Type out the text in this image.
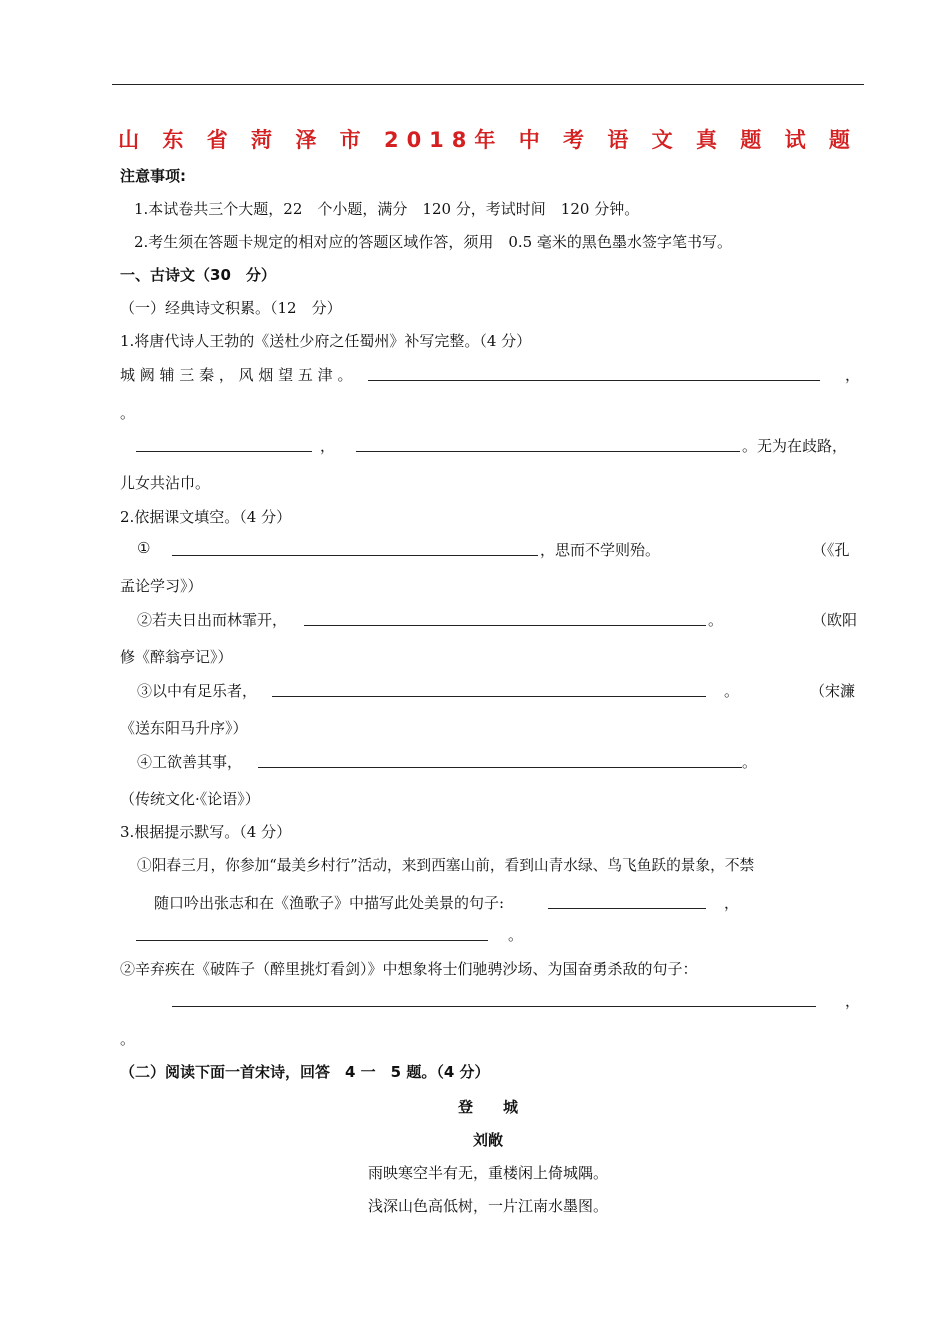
山 东 省 菏 泽 市 2018年 中 考 语 文 真 题 试 题
注意事项:
1.本试卷共三个大题，22　个小题，满分　120 分，考试时间　120 分钟。
2.考生须在答题卡规定的相对应的答题区域作答，须用　0.5 毫米的黑色墨水签字笔书写。
一、古诗文（30　分）
（一）经典诗文积累。（12　分）
1.将唐代诗人王勃的《送杜少府之任蜀州》补写完整。（4 分）
城 阙 辅 三 秦 ， 风 烟 望 五 津 。	，
。
，	。无为在歧路，
儿女共沾巾。
2.依据课文填空。（4 分）
①	，思而不学则殆。	（《孔
孟论学习》）
②若夫日出而林霏开，	。	（欧阳
修《醉翁亭记》）
③以中有足乐者，	。	（宋濂
《送东阳马升序》）
④工欲善其事，	。
（传统文化·《论语》）
3.根据提示默写。（4 分）
①阳春三月，你参加“最美乡村行”活动，来到西塞山前，看到山青水绿、鸟飞鱼跃的景象，不禁
随口吟出张志和在《渔歌子》中描写此处美景的句子:	，
。
②辛弃疾在《破阵子（醉里挑灯看剑）》中想象将士们驰骋沙场、为国奋勇杀敌的句子：
，
。
（二）阅读下面一首宋诗，回答　4 一　5 题。（4 分）
登　　城
刘敞
雨映寒空半有无，重楼闲上倚城隅。
浅深山色高低树，一片江南水墨图。
